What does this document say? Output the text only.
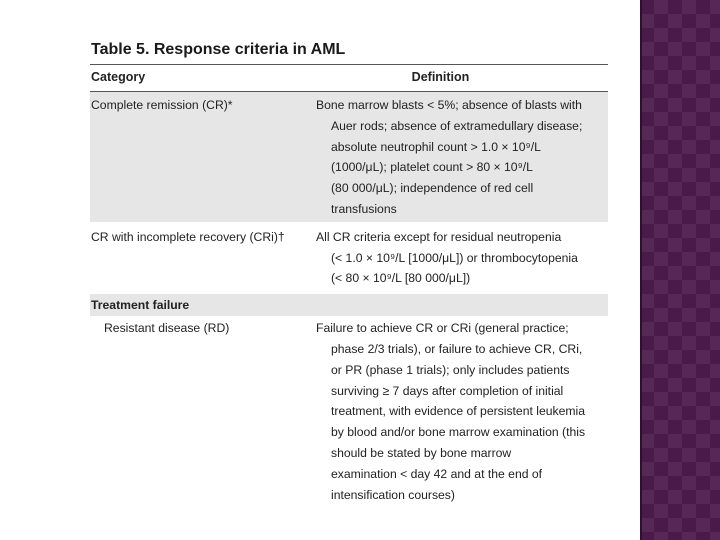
Table 5. Response criteria in AML
Category	Definition
Complete remission (CR)*	Bone marrow blasts < 5%; absence of blasts with
Auer rods; absence of extramedullary disease;
absolute neutrophil count > 1.0 × 10⁹/L
(1000/μL); platelet count > 80 × 10⁹/L
(80 000/μL); independence of red cell
transfusions
CR with incomplete recovery (CRi)†	All CR criteria except for residual neutropenia
(< 1.0 × 10⁹/L [1000/μL]) or thrombocytopenia
(< 80 × 10⁹/L [80 000/μL])
Treatment failure
Resistant disease (RD)	Failure to achieve CR or CRi (general practice;
phase 2/3 trials), or failure to achieve CR, CRi,
or PR (phase 1 trials); only includes patients
surviving ≥ 7 days after completion of initial
treatment, with evidence of persistent leukemia
by blood and/or bone marrow examination (this
should be stated by bone marrow
examination < day 42 and at the end of
intensification courses)
